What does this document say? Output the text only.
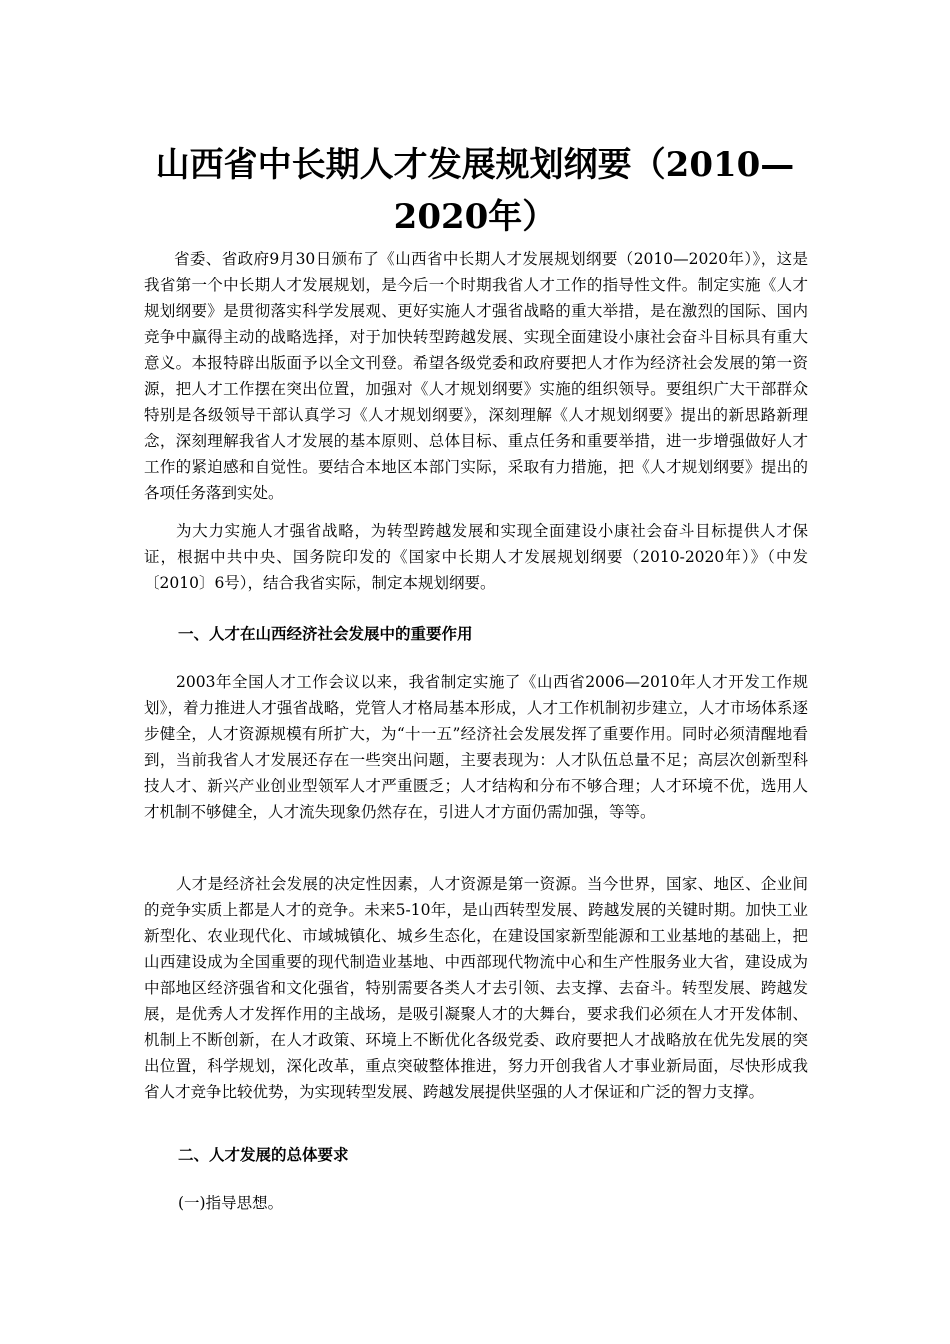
山西省中长期人才发展规划纲要（2010—2020年）

省委、省政府9月30日颁布了《山西省中长期人才发展规划纲要（2010—2020年）》，这是我省第一个中长期人才发展规划，是今后一个时期我省人才工作的指导性文件。制定实施《人才规划纲要》是贯彻落实科学发展观、更好实施人才强省战略的重大举措，是在激烈的国际、国内竞争中赢得主动的战略选择，对于加快转型跨越发展、实现全面建设小康社会奋斗目标具有重大意义。本报特辟出版面予以全文刊登。希望各级党委和政府要把人才作为经济社会发展的第一资源，把人才工作摆在突出位置，加强对《人才规划纲要》实施的组织领导。要组织广大干部群众特别是各级领导干部认真学习《人才规划纲要》，深刻理解《人才规划纲要》提出的新思路新理念，深刻理解我省人才发展的基本原则、总体目标、重点任务和重要举措，进一步增强做好人才工作的紧迫感和自觉性。要结合本地区本部门实际，采取有力措施，把《人才规划纲要》提出的各项任务落到实处。

为大力实施人才强省战略，为转型跨越发展和实现全面建设小康社会奋斗目标提供人才保证，根据中共中央、国务院印发的《国家中长期人才发展规划纲要（2010-2020年）》（中发〔2010〕6号），结合我省实际，制定本规划纲要。

一、人才在山西经济社会发展中的重要作用

2003年全国人才工作会议以来，我省制定实施了《山西省2006—2010年人才开发工作规划》，着力推进人才强省战略，党管人才格局基本形成，人才工作机制初步建立，人才市场体系逐步健全，人才资源规模有所扩大，为“十一五”经济社会发展发挥了重要作用。同时必须清醒地看到，当前我省人才发展还存在一些突出问题，主要表现为：人才队伍总量不足；高层次创新型科技人才、新兴产业创业型领军人才严重匮乏；人才结构和分布不够合理；人才环境不优，选用人才机制不够健全，人才流失现象仍然存在，引进人才方面仍需加强，等等。

人才是经济社会发展的决定性因素，人才资源是第一资源。当今世界，国家、地区、企业间的竞争实质上都是人才的竞争。未来5-10年，是山西转型发展、跨越发展的关键时期。加快工业新型化、农业现代化、市域城镇化、城乡生态化，在建设国家新型能源和工业基地的基础上，把山西建设成为全国重要的现代制造业基地、中西部现代物流中心和生产性服务业大省，建设成为中部地区经济强省和文化强省，特别需要各类人才去引领、去支撑、去奋斗。转型发展、跨越发展，是优秀人才发挥作用的主战场，是吸引凝聚人才的大舞台，要求我们必须在人才开发体制、机制上不断创新，在人才政策、环境上不断优化各级党委、政府要把人才战略放在优先发展的突出位置，科学规划，深化改革，重点突破整体推进，努力开创我省人才事业新局面，尽快形成我省人才竞争比较优势，为实现转型发展、跨越发展提供坚强的人才保证和广泛的智力支撑。

二、人才发展的总体要求

(一)指导思想。
